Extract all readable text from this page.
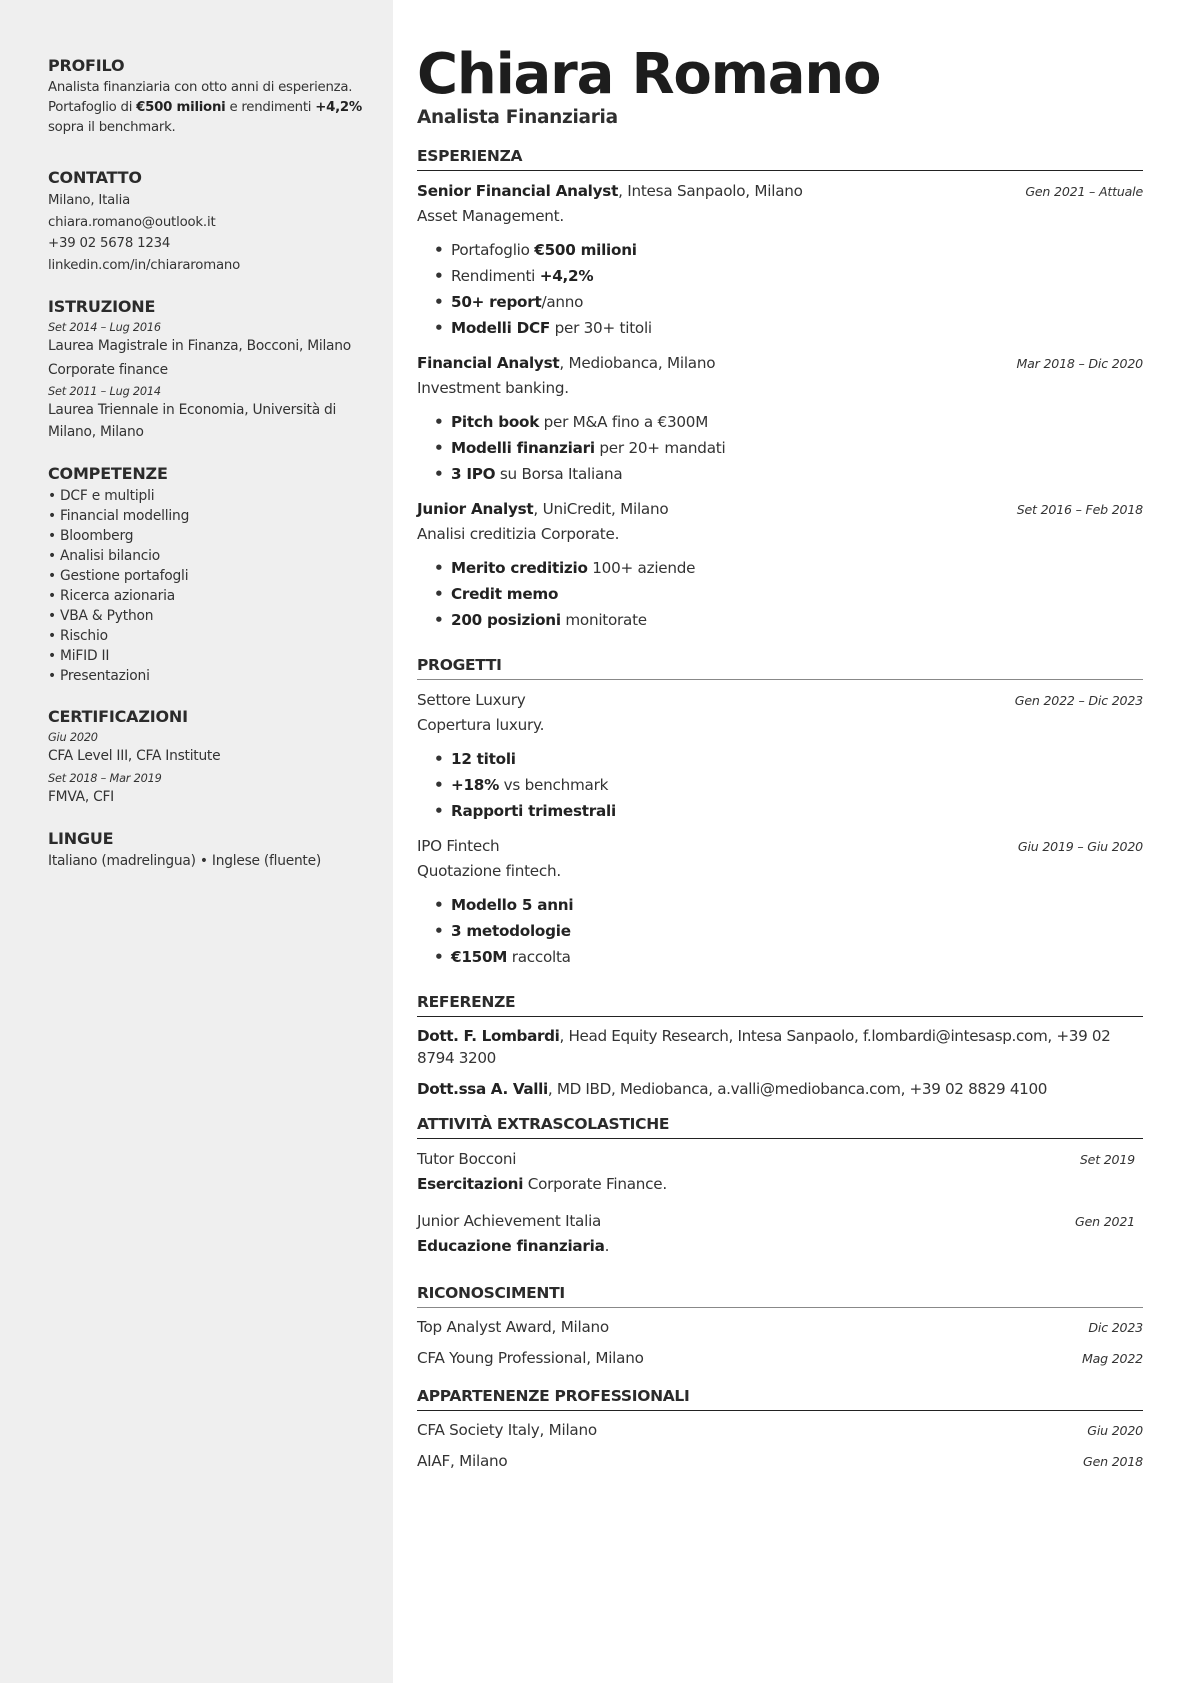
PROFILO
Analista finanziaria con otto anni di esperienza.
Portafoglio di €500 milioni e rendimenti +4,2%
sopra il benchmark.
CONTATTO
Milano, Italia
chiara.romano@outlook.it
+39 02 5678 1234
linkedin.com/in/chiararomano
ISTRUZIONE
Set 2014 – Lug 2016
Laurea Magistrale in Finanza, Bocconi, Milano
Corporate finance
Set 2011 – Lug 2014
Laurea Triennale in Economia, Università di Milano, Milano
COMPETENZE
• DCF e multipli
• Financial modelling
• Bloomberg
• Analisi bilancio
• Gestione portafogli
• Ricerca azionaria
• VBA & Python
• Rischio
• MiFID II
• Presentazioni
CERTIFICAZIONI
Giu 2020
CFA Level III, CFA Institute
Set 2018 – Mar 2019
FMVA, CFI
LINGUE
Italiano (madrelingua) • Inglese (fluente)
Chiara Romano
Analista Finanziaria
ESPERIENZA
Senior Financial Analyst, Intesa Sanpaolo, Milano	Gen 2021 – Attuale
Asset Management.
• Portafoglio €500 milioni
• Rendimenti +4,2%
• 50+ report/anno
• Modelli DCF per 30+ titoli
Financial Analyst, Mediobanca, Milano	Mar 2018 – Dic 2020
Investment banking.
• Pitch book per M&A fino a €300M
• Modelli finanziari per 20+ mandati
• 3 IPO su Borsa Italiana
Junior Analyst, UniCredit, Milano	Set 2016 – Feb 2018
Analisi creditizia Corporate.
• Merito creditizio 100+ aziende
• Credit memo
• 200 posizioni monitorate
PROGETTI
Settore Luxury	Gen 2022 – Dic 2023
Copertura luxury.
• 12 titoli
• +18% vs benchmark
• Rapporti trimestrali
IPO Fintech	Giu 2019 – Giu 2020
Quotazione fintech.
• Modello 5 anni
• 3 metodologie
• €150M raccolta
REFERENZE
Dott. F. Lombardi, Head Equity Research, Intesa Sanpaolo, f.lombardi@intesasp.com, +39 02 8794 3200
Dott.ssa A. Valli, MD IBD, Mediobanca, a.valli@mediobanca.com, +39 02 8829 4100
ATTIVITÀ EXTRASCOLASTICHE
Tutor Bocconi	Set 2019
Esercitazioni Corporate Finance.
Junior Achievement Italia	Gen 2021
Educazione finanziaria.
RICONOSCIMENTI
Top Analyst Award, Milano	Dic 2023
CFA Young Professional, Milano	Mag 2022
APPARTENENZE PROFESSIONALI
CFA Society Italy, Milano	Giu 2020
AIAF, Milano	Gen 2018
